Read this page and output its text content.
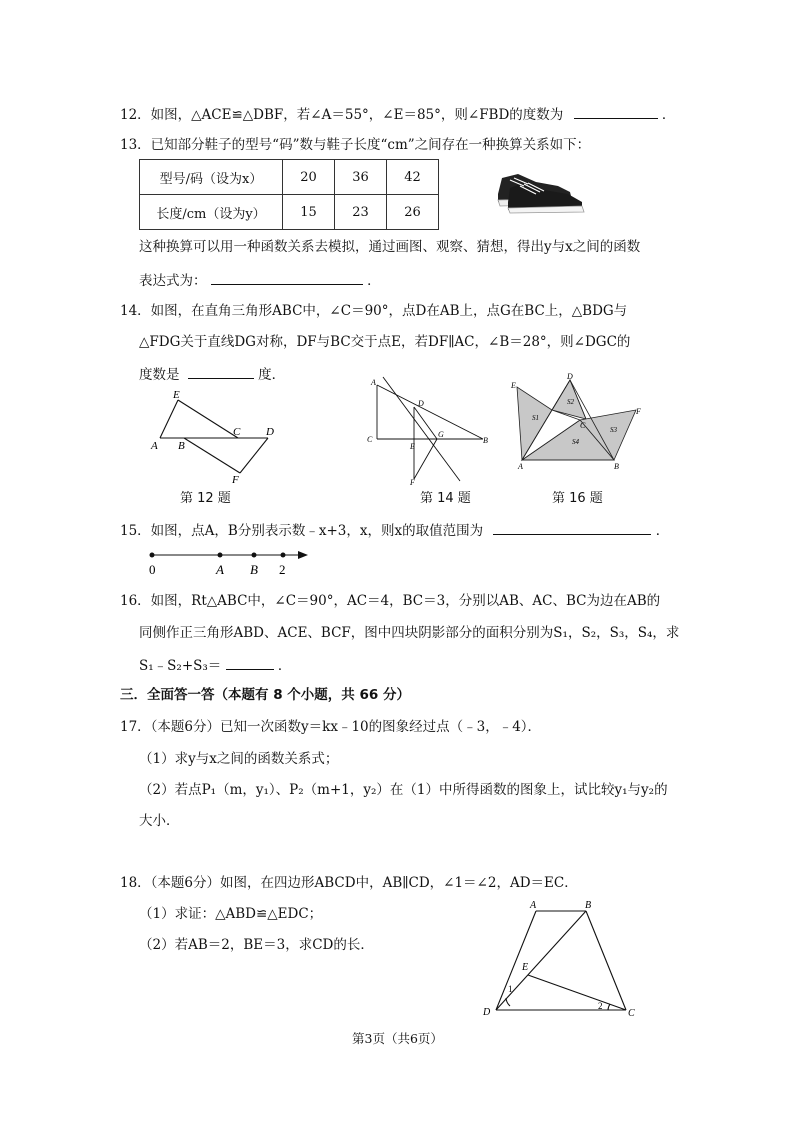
12．如图，△ACE≌△DBF，若∠A＝55°，∠E＝85°，则∠FBD的度数为	．
13．已知部分鞋子的型号“码”数与鞋子长度“cm”之间存在一种换算关系如下：
型号/码（设为x）	20	36	42
长度/cm（设为y）	15	23	26
这种换算可以用一种函数关系去模拟，通过画图、观察、猜想，得出y与x之间的函数
表达式为：	．
14．如图，在直角三角形ABC中，∠C＝90°，点D在AB上，点G在BC上，△BDG与
△FDG关于直线DG对称，DF与BC交于点E，若DF∥AC，∠B＝28°，则∠DGC的
度数是	度．
E
A B
C D
F
A
D
C
E
G
B
F
E
D
S1
S2
S3
S4
C
F
A	B
第 12 题	第 14 题	第 16 题
15．如图，点A，B分别表示数﹣x+3，x，则x的取值范围为	．
0	A B 2
16．如图，Rt△ABC中，∠C＝90°，AC＝4，BC＝3，分别以AB、AC、BC为边在AB的
同侧作正三角形ABD、ACE、BCF，图中四块阴影部分的面积分别为S₁，S₂，S₃，S₄，求
S₁﹣S₂+S₃＝	．
三．全面答一答（本题有 8 个小题，共 66 分）
17．（本题6分）已知一次函数y＝kx﹣10的图象经过点（﹣3，﹣4）．
（1）求y与x之间的函数关系式；
（2）若点P₁（m，y₁）、P₂（m+1，y₂）在（1）中所得函数的图象上，试比较y₁与y₂的
大小．
18．（本题6分）如图，在四边形ABCD中，AB∥CD，∠1＝∠2，AD＝EC．
（1）求证：△ABD≌△EDC；
（2）若AB＝2，BE＝3，求CD的长．
A	B
E
1
D
2
C
第3页（共6页）
